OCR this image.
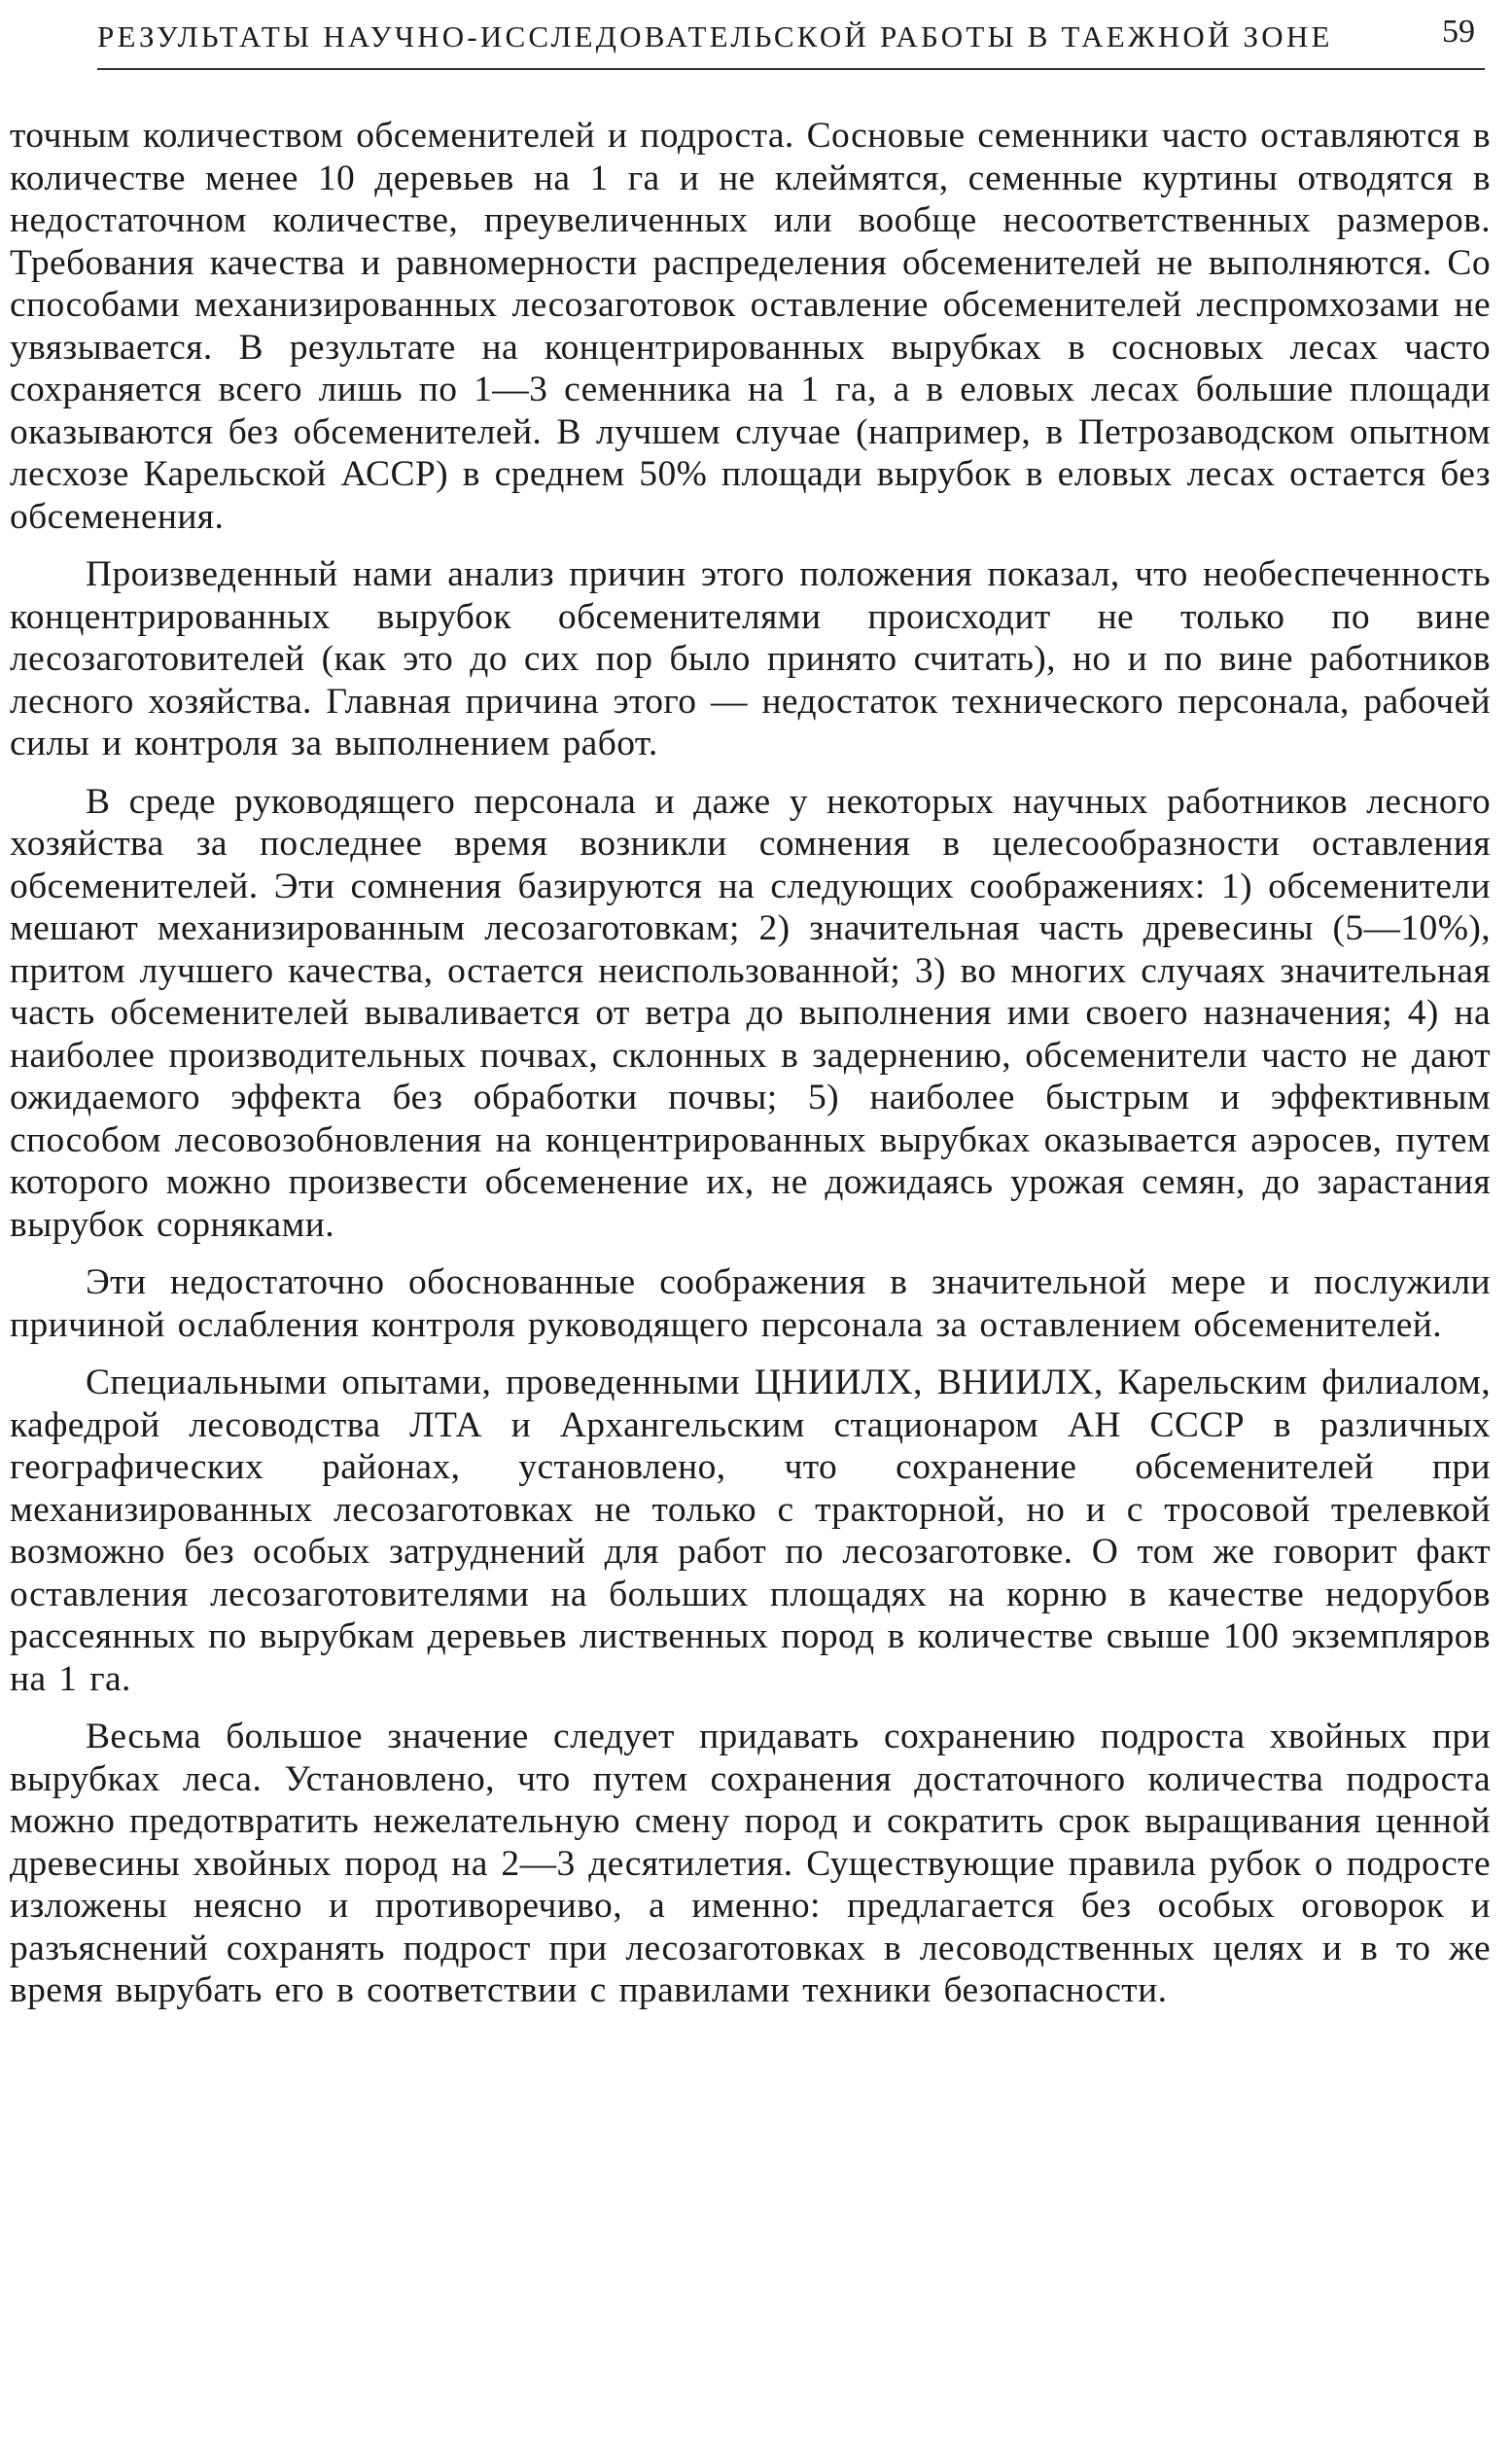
РЕЗУЛЬТАТЫ НАУЧНО-ИССЛЕДОВАТЕЛЬСКОЙ РАБОТЫ В ТАЕЖНОЙ ЗОНЕ	59

точным количеством обсеменителей и подроста. Сосновые семенники часто оставляются в количестве менее 10 деревьев на 1 га и не клеймятся, семенные куртины отводятся в недостаточном количестве, преувеличенных или вообще несоответственных размеров. Требования качества и равномерности распределения обсеменителей не выполняются. Со способами механизированных лесозаготовок оставление обсеменителей леспромхозами не увязывается. В результате на концентрированных вырубках в сосновых лесах часто сохраняется всего лишь по 1—3 семенника на 1 га, а в еловых лесах большие площади оказываются без обсеменителей. В лучшем случае (например, в Петрозаводском опытном лесхозе Карельской АССР) в среднем 50% площади вырубок в еловых лесах остается без обсеменения.

Произведенный нами анализ причин этого положения показал, что необеспеченность концентрированных вырубок обсеменителями происходит не только по вине лесозаготовителей (как это до сих пор было принято считать), но и по вине работников лесного хозяйства. Главная причина этого — недостаток технического персонала, рабочей силы и контроля за выполнением работ.

В среде руководящего персонала и даже у некоторых научных работников лесного хозяйства за последнее время возникли сомнения в целесообразности оставления обсеменителей. Эти сомнения базируются на следующих соображениях: 1) обсеменители мешают механизированным лесозаготовкам; 2) значительная часть древесины (5—10%), притом лучшего качества, остается неиспользованной; 3) во многих случаях значительная часть обсеменителей вываливается от ветра до выполнения ими своего назначения; 4) на наиболее производительных почвах, склонных в задернению, обсеменители часто не дают ожидаемого эффекта без обработки почвы; 5) наиболее быстрым и эффективным способом лесовозобновления на концентрированных вырубках оказывается аэросев, путем которого можно произвести обсеменение их, не дожидаясь урожая семян, до зарастания вырубок сорняками.

Эти недостаточно обоснованные соображения в значительной мере и послужили причиной ослабления контроля руководящего персонала за оставлением обсеменителей.

Специальными опытами, проведенными ЦНИИЛХ, ВНИИЛХ, Карельским филиалом, кафедрой лесоводства ЛТА и Архангельским стационаром АН СССР в различных географических районах, установлено, что сохранение обсеменителей при механизированных лесозаготовках не только с тракторной, но и с тросовой трелевкой возможно без особых затруднений для работ по лесозаготовке. О том же говорит факт оставления лесозаготовителями на больших площадях на корню в качестве недорубов рассеянных по вырубкам деревьев лиственных пород в количестве свыше 100 экземпляров на 1 га.

Весьма большое значение следует придавать сохранению подроста хвойных при вырубках леса. Установлено, что путем сохранения достаточного количества подроста можно предотвратить нежелательную смену пород и сократить срок выращивания ценной древесины хвойных пород на 2—3 десятилетия. Существующие правила рубок о подросте изложены неясно и противоречиво, а именно: предлагается без особых оговорок и разъяснений сохранять подрост при лесозаготовках в лесоводственных целях и в то же время вырубать его в соответствии с правилами техники безопасности.
